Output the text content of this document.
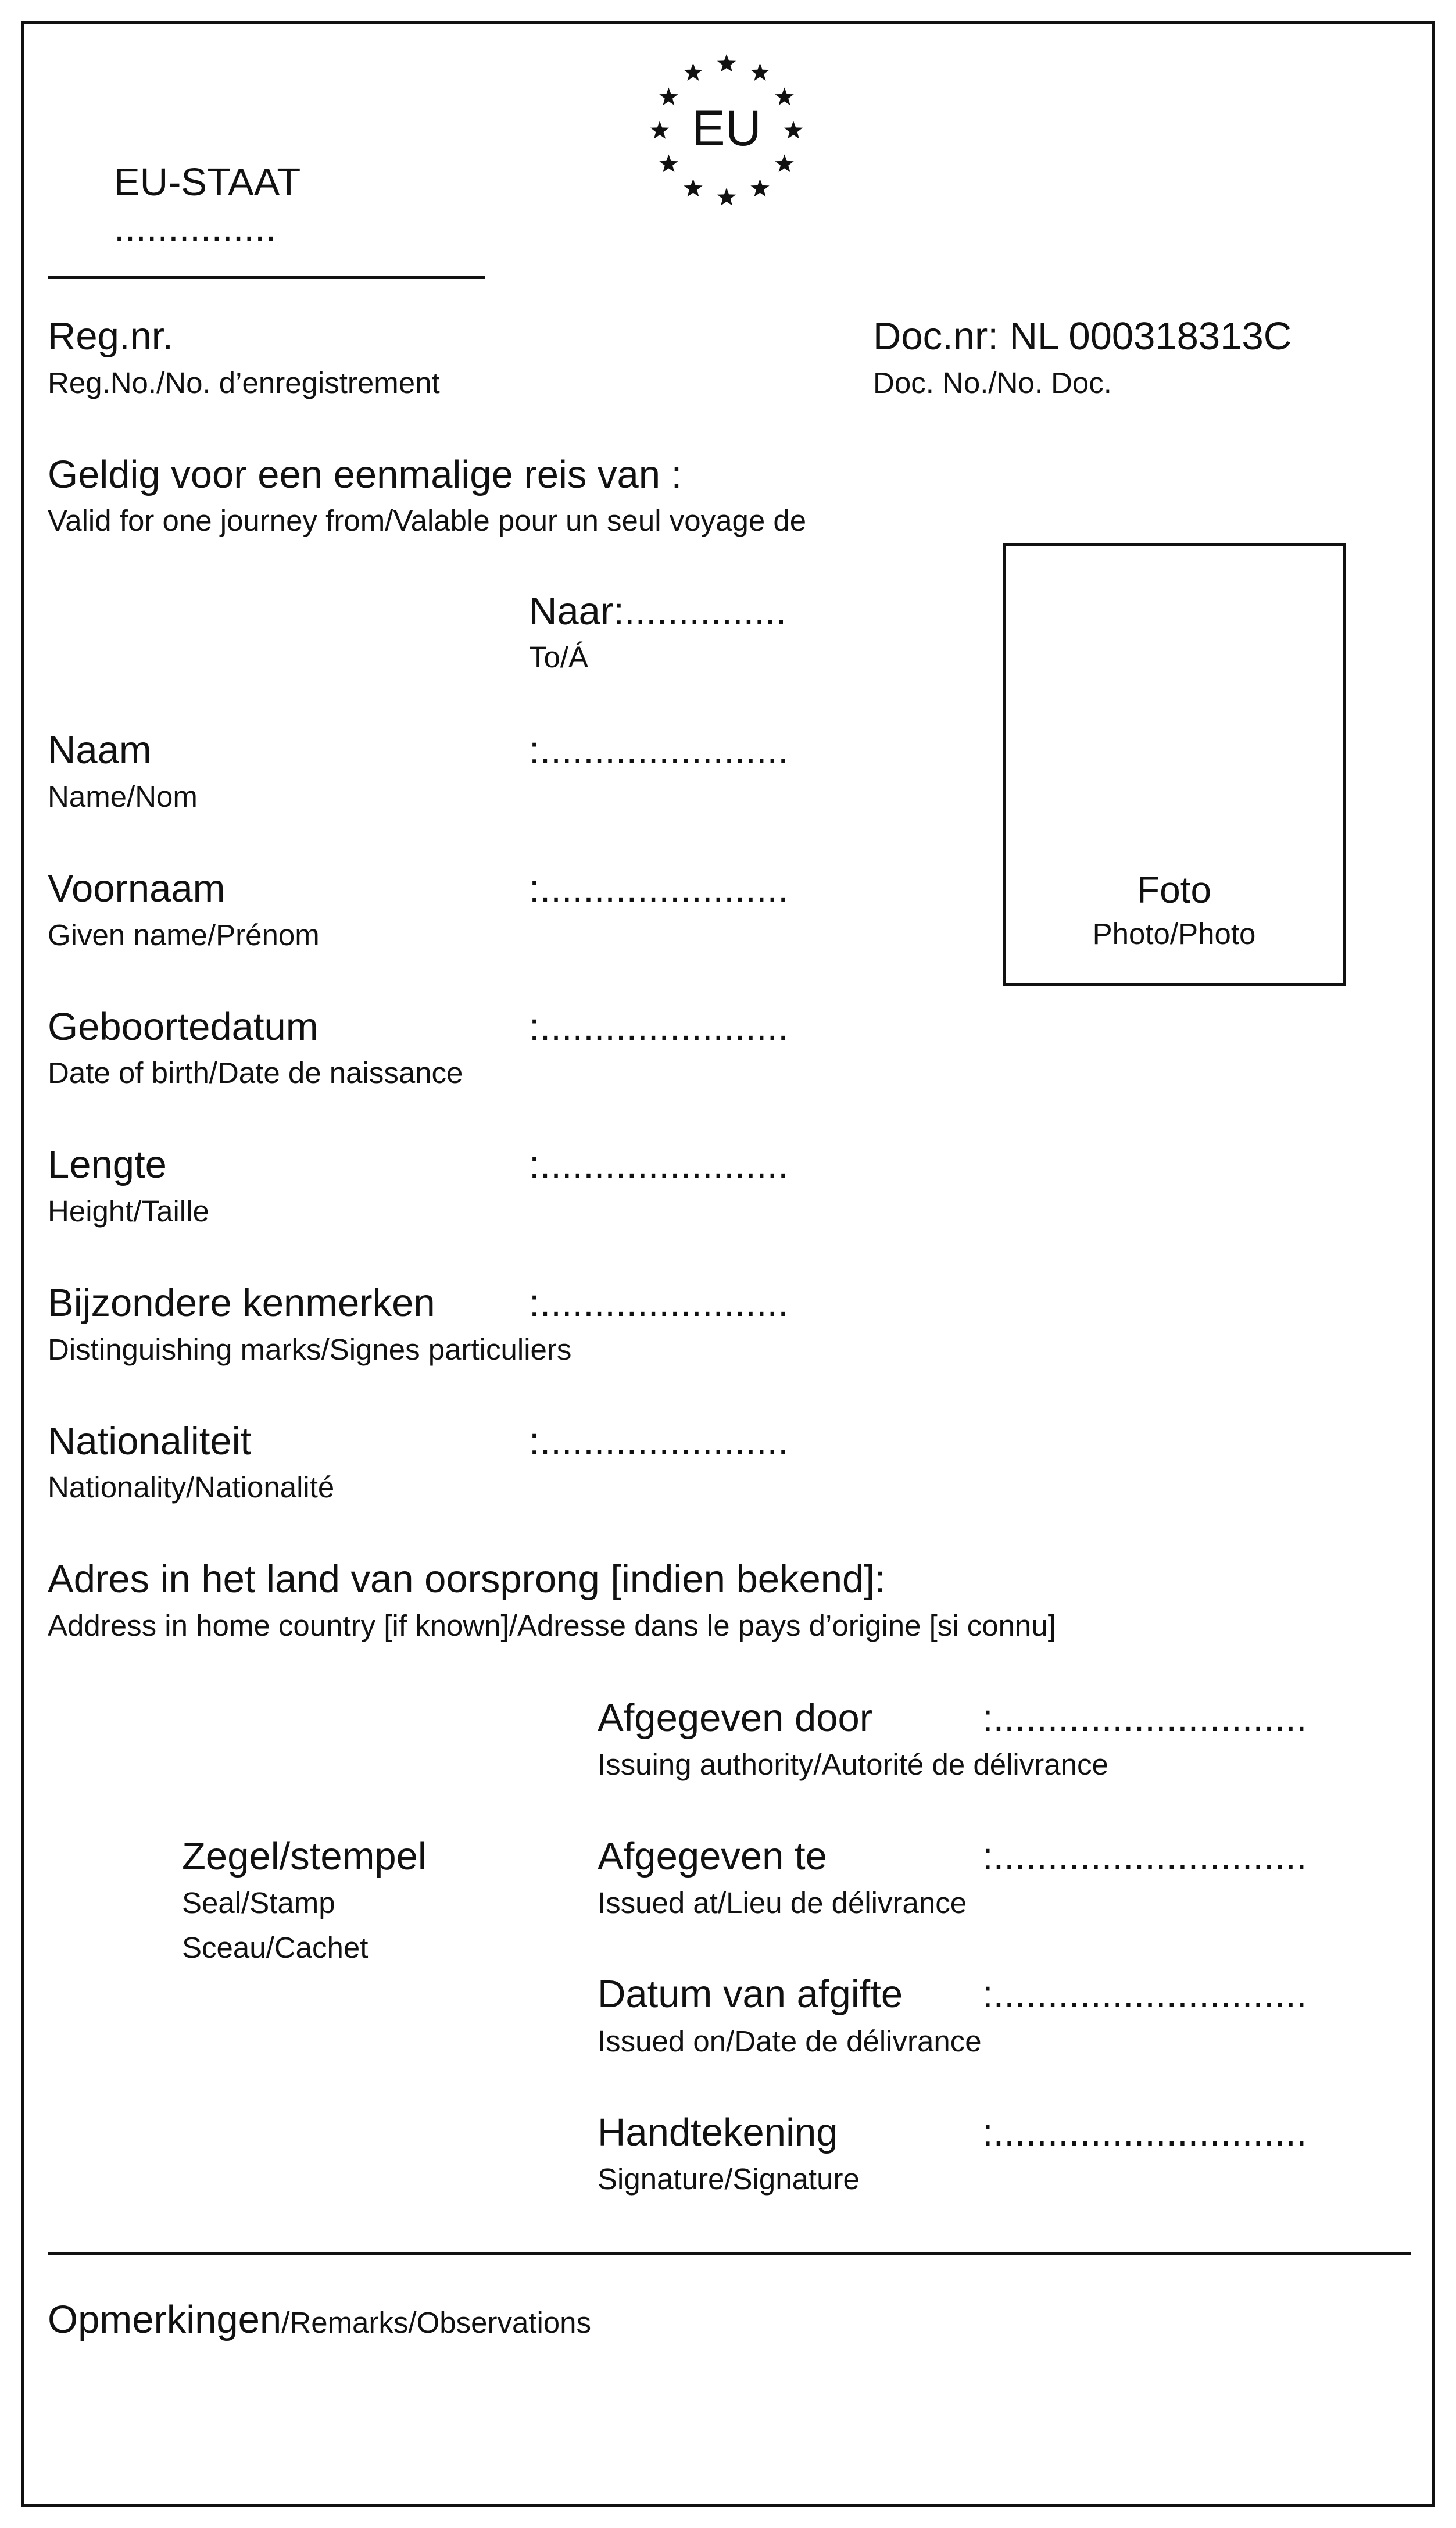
EU
EU-STAAT
...............
Reg.nr.
Reg.No./No. d’enregistrement
Doc.nr: NL 000318313C
Doc. No./No. Doc.
Geldig voor een eenmalige reis van :
Valid for one journey from/Valable pour un seul voyage de
Naar:...............
To/Á
Foto
Photo/Photo
Naam
Name/Nom
:.......................
Voornaam
Given name/Prénom
:.......................
Geboortedatum
Date of birth/Date de naissance
:.......................
Lengte
Height/Taille
:.......................
Bijzondere kenmerken
Distinguishing marks/Signes particuliers
:.......................
Nationaliteit
Nationality/Nationalité
:.......................
Adres in het land van oorsprong [indien bekend]:
Address in home country [if known]/Adresse dans le pays d’origine [si connu]
Zegel/stempel
Seal/Stamp
Sceau/Cachet
Afgegeven door
Issuing authority/Autorité de délivrance
:.............................
Afgegeven te
Issued at/Lieu de délivrance
:.............................
Datum van afgifte
Issued on/Date de délivrance
:.............................
Handtekening
Signature/Signature
:.............................
Opmerkingen/Remarks/Observations
